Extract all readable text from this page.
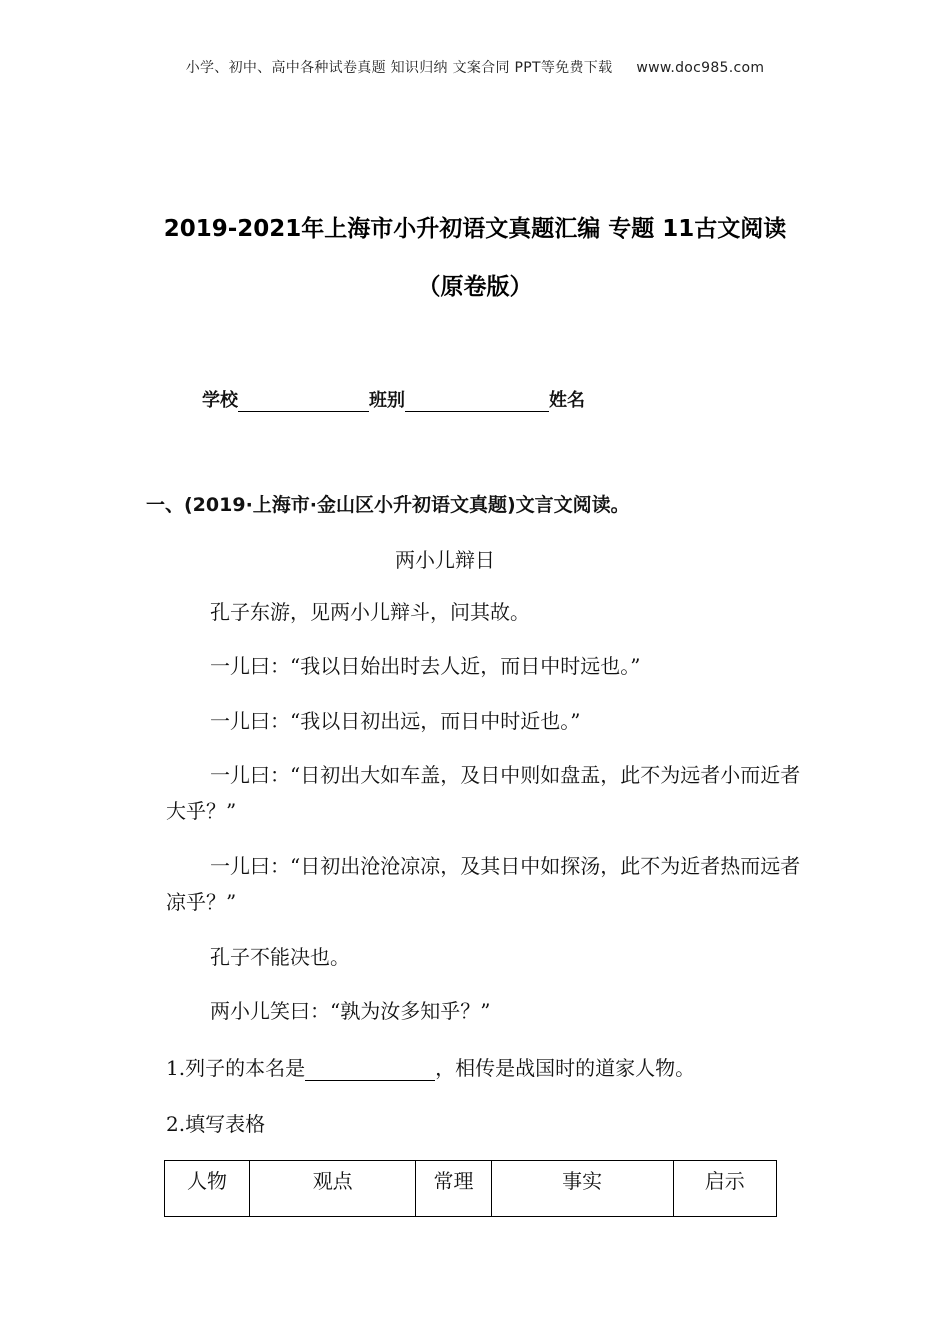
小学、初中、高中各种试卷真题 知识归纳 文案合同 PPT等免费下载 www.doc985.com
2019-2021年上海市小升初语文真题汇编 专题 11古文阅读
（原卷版）
学校	班别	姓名
一、(2019·上海市·金山区小升初语文真题)文言文阅读。
两小儿辩日
孔子东游，见两小儿辩斗，问其故。
一儿曰：“我以日始出时去人近，而日中时远也。”
一儿曰：“我以日初出远，而日中时近也。”
一儿曰：“日初出大如车盖，及日中则如盘盂，此不为远者小而近者大乎？”
一儿曰：“日初出沧沧凉凉，及其日中如探汤，此不为近者热而远者凉乎？”
孔子不能决也。
两小儿笑曰：“孰为汝多知乎？”
1.列子的本名是	，相传是战国时的道家人物。
2.填写表格
人物	观点	常理	事实	启示
